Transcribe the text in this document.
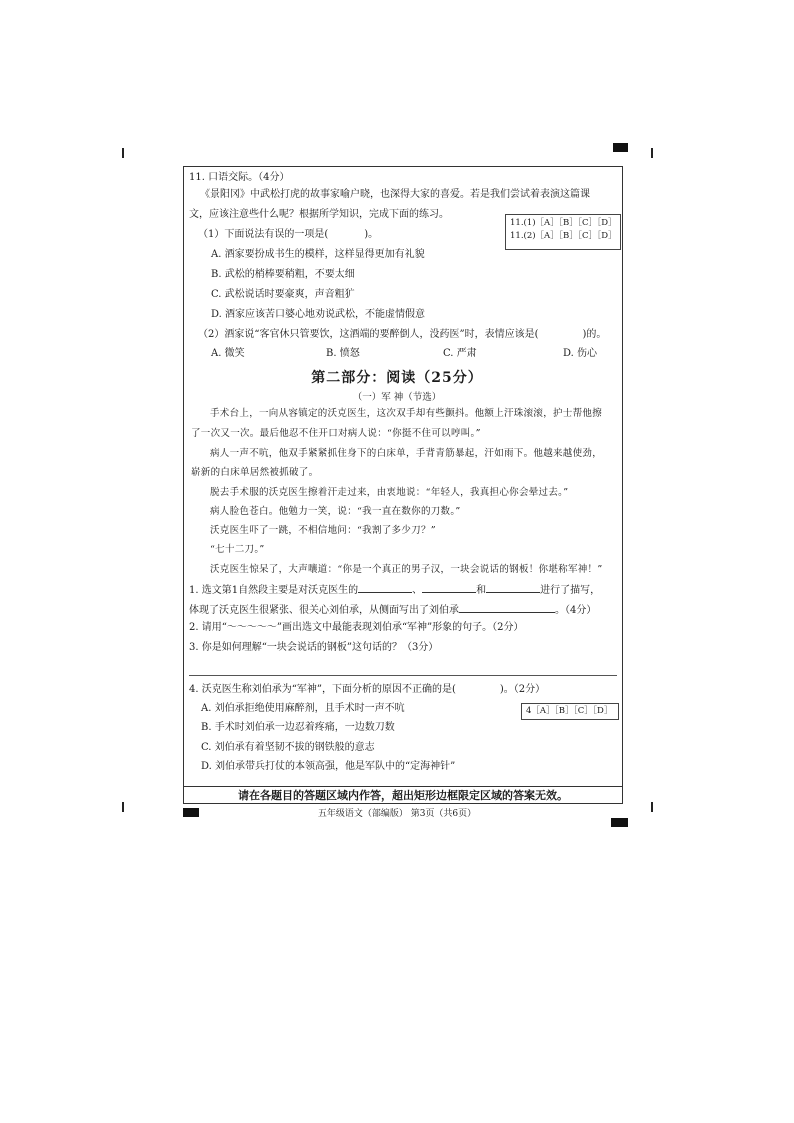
11. 口语交际。（4分）
《景阳冈》中武松打虎的故事家喻户晓，也深得大家的喜爱。若是我们尝试着表演这篇课
文，应该注意些什么呢？根据所学知识，完成下面的练习。
11.(1)［A］［B］［C］［D］
11.(2)［A］［B］［C］［D］
（1）下面说法有误的一项是(	)。
A. 酒家要扮成书生的模样，这样显得更加有礼貌
B. 武松的梢棒要稍粗，不要太细
C. 武松说话时要豪爽，声音粗犷
D. 酒家应该苦口婆心地劝说武松，不能虚情假意
（2）酒家说“客官休只管要饮，这酒端的要醉倒人，没药医”时，表情应该是(	)的。
A. 微笑	B. 愤怒	C. 严肃	D. 伤心
第二部分：阅读（25分）
（一）军 神（节选）
手术台上，一向从容镇定的沃克医生，这次双手却有些颤抖。他额上汗珠滚滚，护士帮他擦
了一次又一次。最后他忍不住开口对病人说：“你挺不住可以哼叫。”
病人一声不吭，他双手紧紧抓住身下的白床单，手背青筋暴起，汗如雨下。他越来越使劲，
崭新的白床单居然被抓破了。
脱去手术服的沃克医生擦着汗走过来，由衷地说：“年轻人，我真担心你会晕过去。”
病人脸色苍白。他勉力一笑，说：“我一直在数你的刀数。”
沃克医生吓了一跳，不相信地问：“我割了多少刀？”
“七十二刀。”
沃克医生惊呆了，大声嚷道：“你是一个真正的男子汉，一块会说话的钢板！你堪称军神！”
1. 选文第1自然段主要是对沃克医生的	、	和	进行了描写，
体现了沃克医生很紧张、很关心刘伯承，从侧面写出了刘伯承	。（4分）
2. 请用“～～～～～”画出选文中最能表现刘伯承“军神”形象的句子。（2分）
3. 你是如何理解“一块会说话的钢板”这句话的？（3分）
4. 沃克医生称刘伯承为“军神”，下面分析的原因不正确的是(	)。（2分）
4［A］［B］［C］［D］
A. 刘伯承拒绝使用麻醉剂，且手术时一声不吭
B. 手术时刘伯承一边忍着疼痛，一边数刀数
C. 刘伯承有着坚韧不拔的钢铁般的意志
D. 刘伯承带兵打仗的本领高强，他是军队中的“定海神针”
请在各题目的答题区域内作答，超出矩形边框限定区域的答案无效。
五年级语文（部编版） 第3页（共6页）
